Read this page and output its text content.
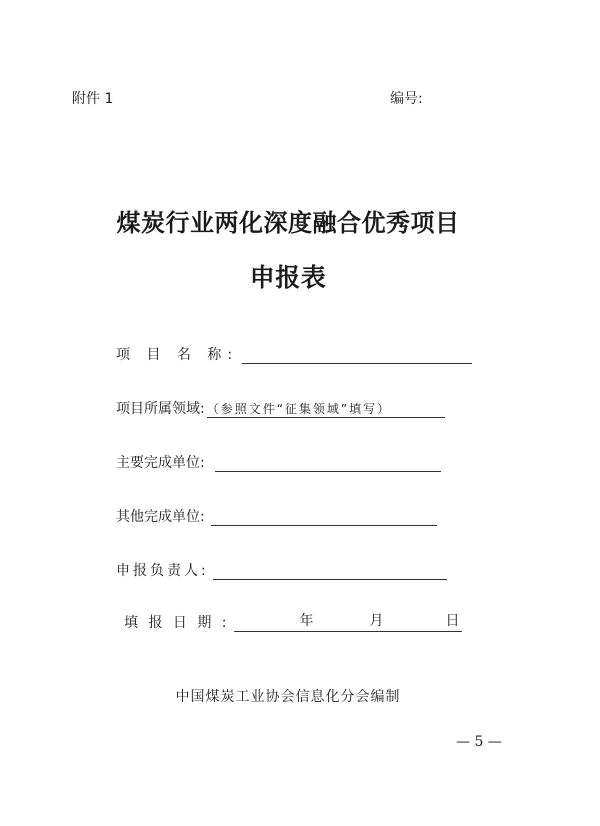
附件 1	编号:
煤炭行业两化深度融合优秀项目
申报表
项 目 名 称:
项目所属领域: （参照文件“征集领域”填写）
主要完成单位:
其他完成单位:
申报负责人:
填 报 日 期 :	年	月	日
中国煤炭工业协会信息化分会编制
— 5 —
